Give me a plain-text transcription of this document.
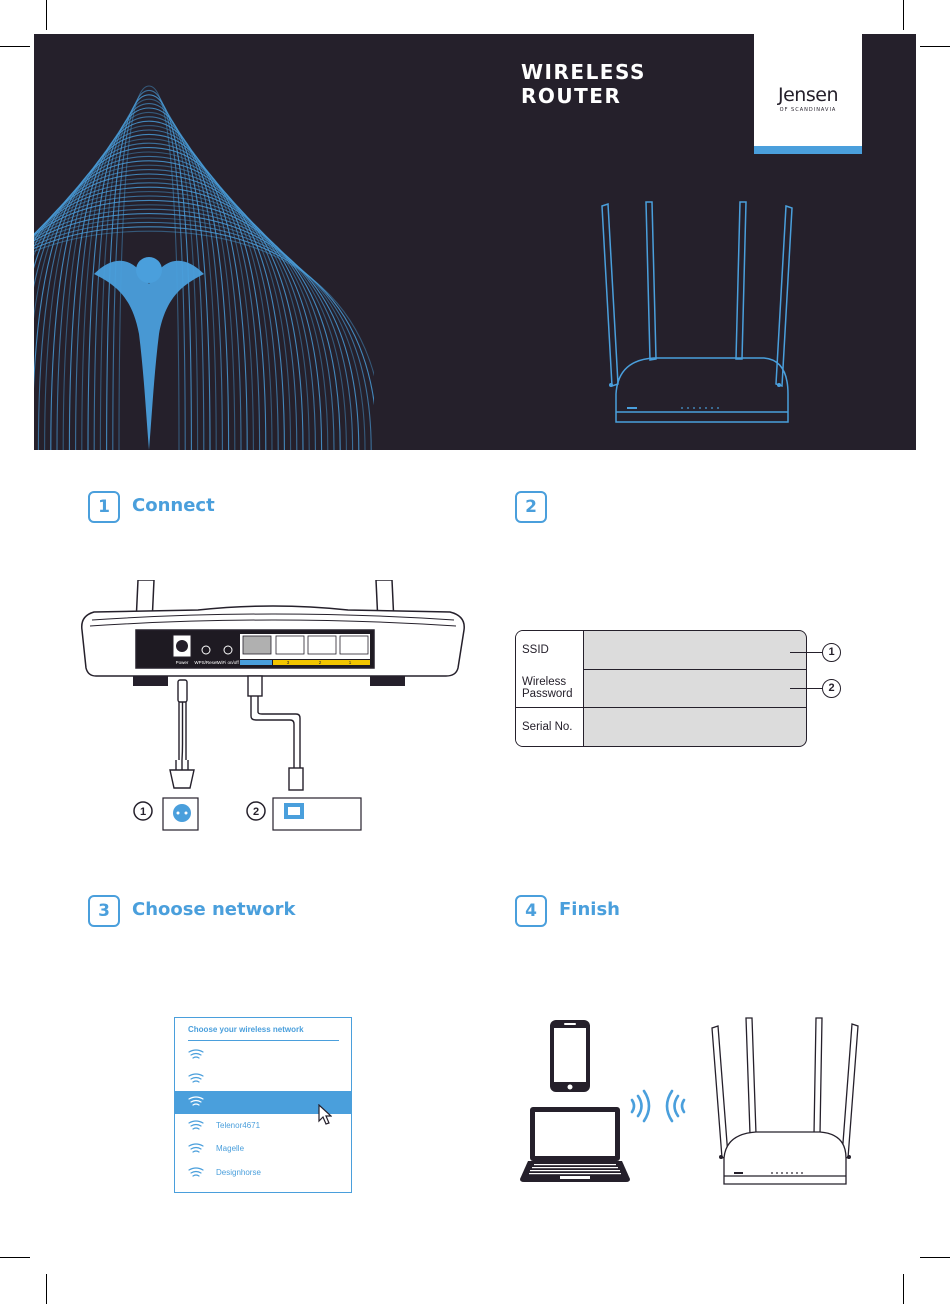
WIRELESS
ROUTER	Jensen
OF SCANDINAVIA
1	Connect
Power WPS/Reset WiFi on/off	3	2	1
1	2
2
SSID
Wireless Password
Serial No.
1
2
3	Choose network
Choose your wireless network
Telenor4671
Magelle
Designhorse
4	Finish
